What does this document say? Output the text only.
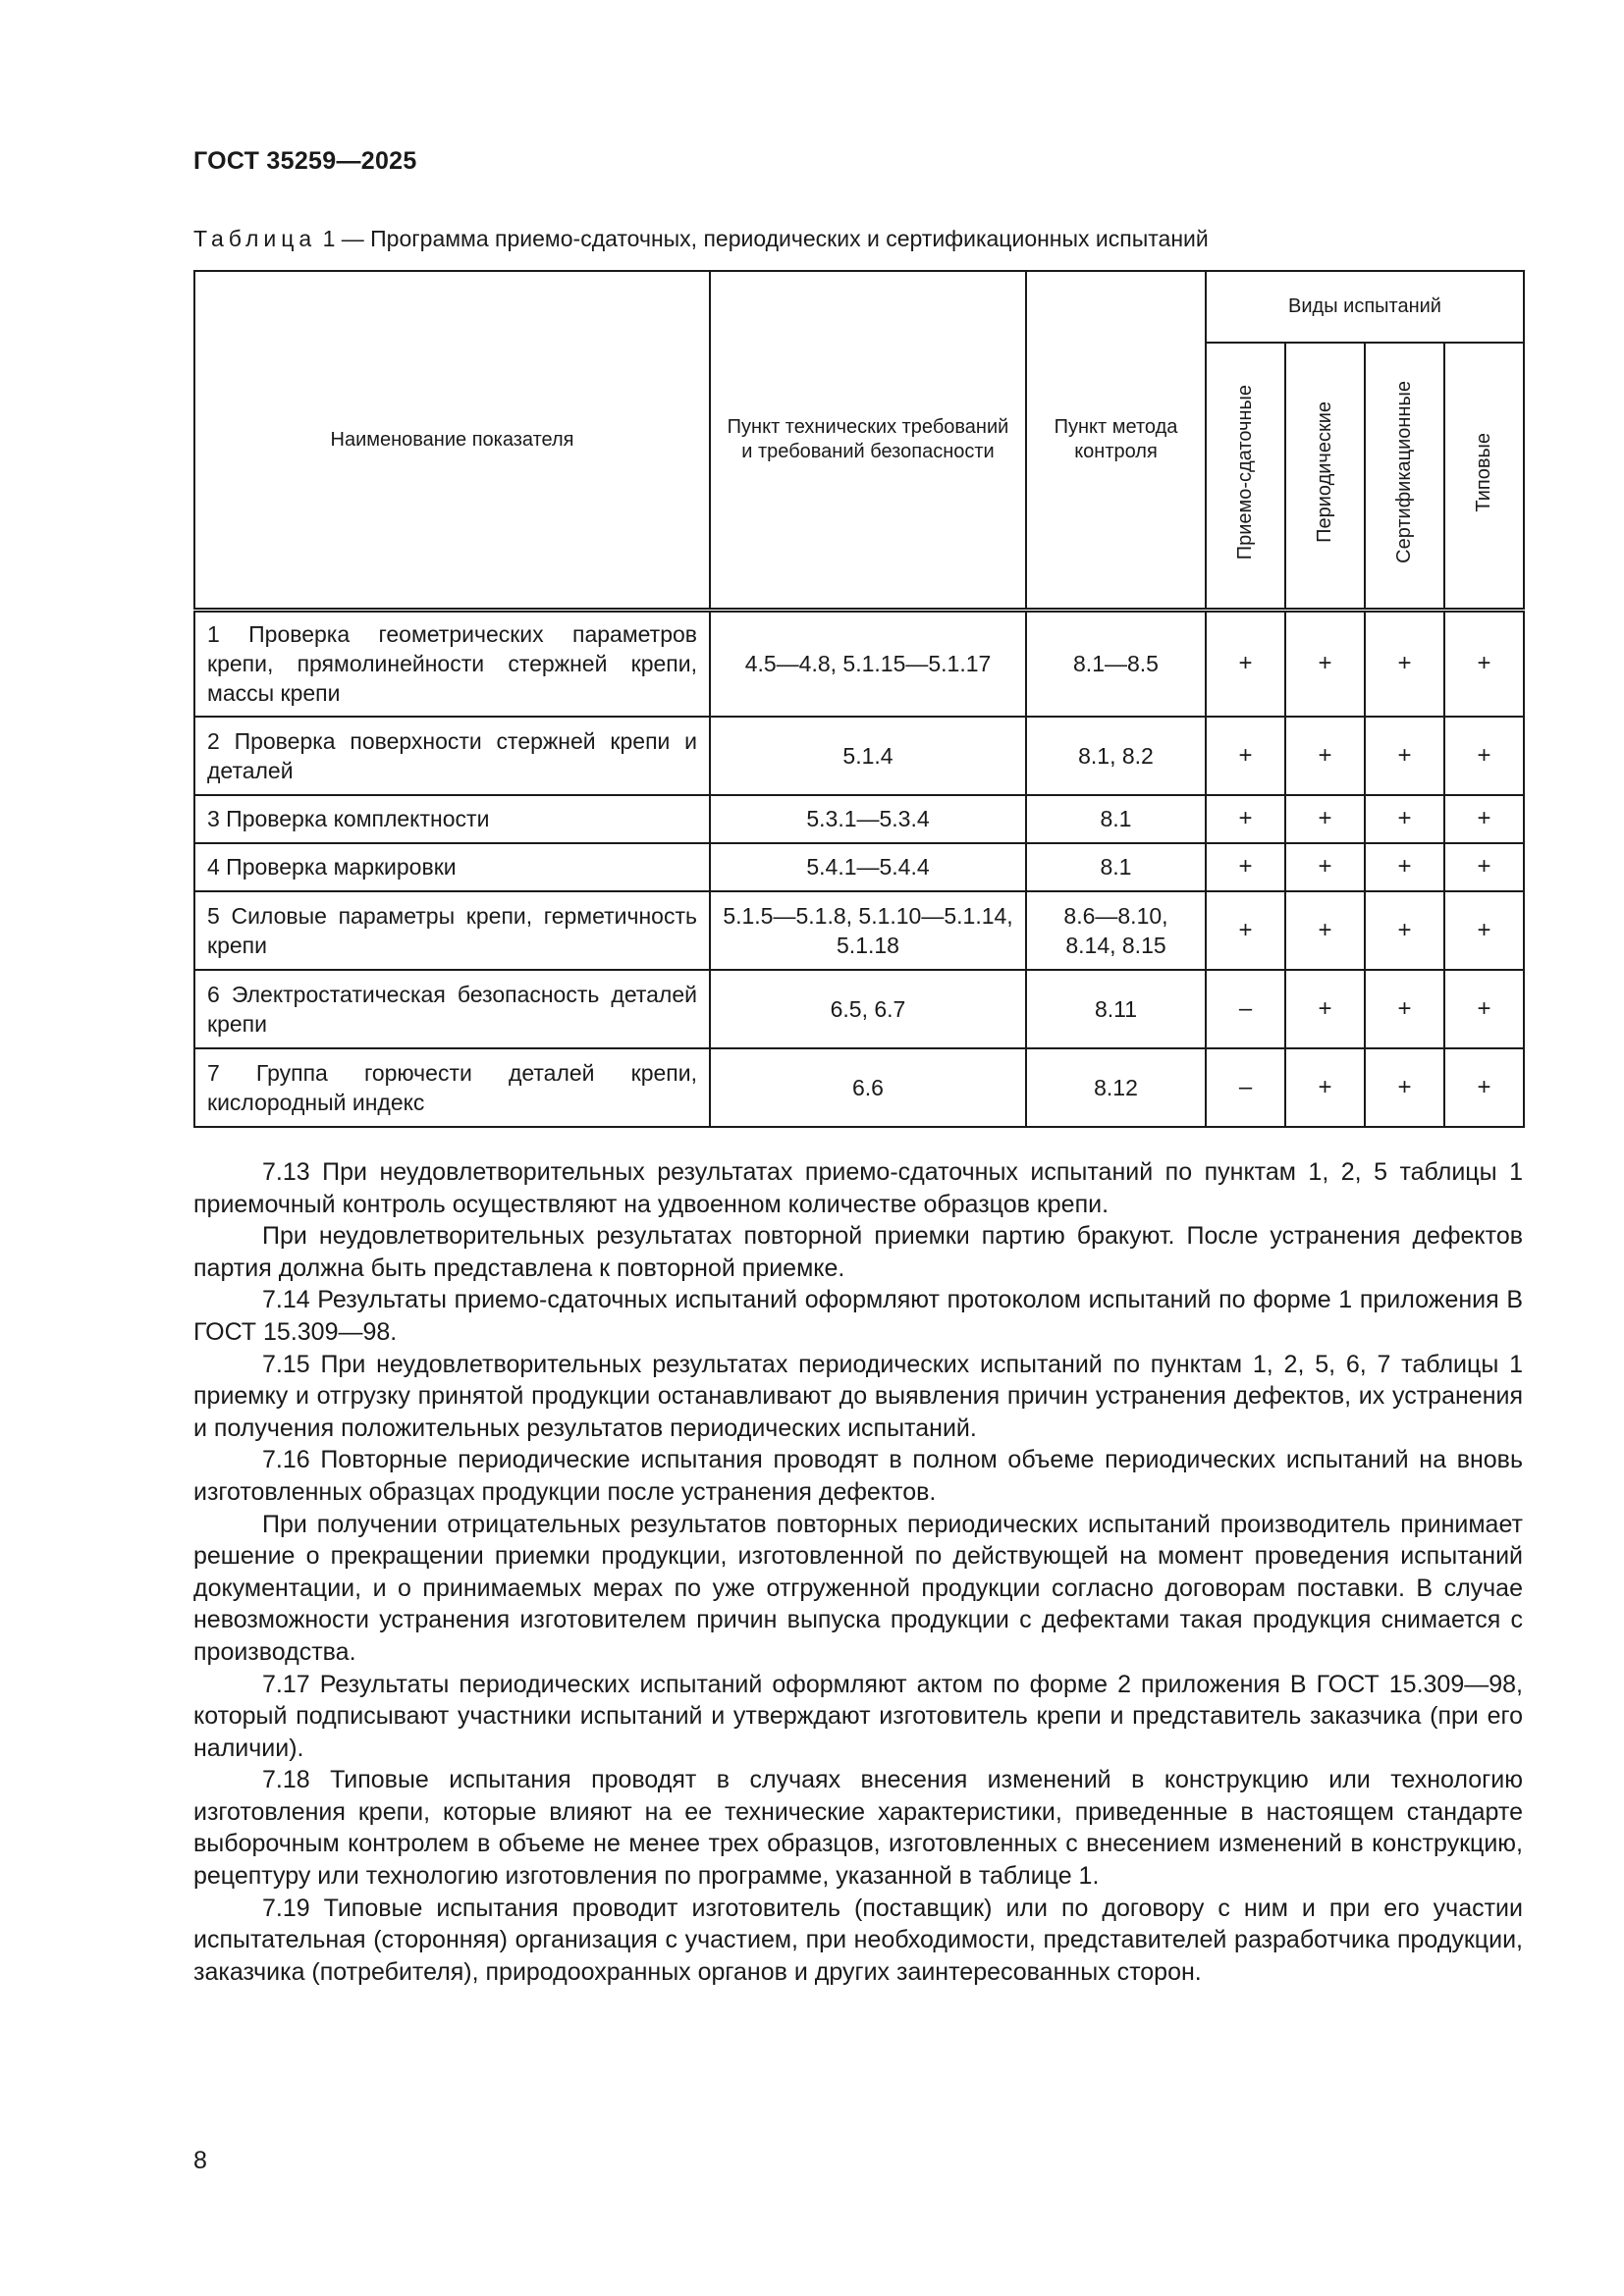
ГОСТ 35259—2025
Таблица 1 — Программа приемо-сдаточных, периодических и сертификационных испытаний
Наименование показателя	Пункт технических требований и требований безопасности	Пункт метода контроля	Виды испытаний			
			Приемо-сдаточные	Периодические	Сертификационные	Типовые
1 Проверка геометрических параметров крепи, прямолинейности стержней крепи, массы крепи	4.5—4.8, 5.1.15—5.1.17	8.1—8.5	+	+	+	+
2 Проверка поверхности стержней крепи и деталей	5.1.4	8.1, 8.2	+	+	+	+
3 Проверка комплектности	5.3.1—5.3.4	8.1	+	+	+	+
4 Проверка маркировки	5.4.1—5.4.4	8.1	+	+	+	+
5 Силовые параметры крепи, герметичность крепи	5.1.5—5.1.8, 5.1.10—5.1.14, 5.1.18	8.6—8.10, 8.14, 8.15	+	+	+	+
6 Электростатическая безопасность деталей крепи	6.5, 6.7	8.11	–	+	+	+
7 Группа горючести деталей крепи, кислородный индекс	6.6	8.12	–	+	+	+

7.13 При неудовлетворительных результатах приемо-сдаточных испытаний по пунктам 1, 2, 5 таблицы 1 приемочный контроль осуществляют на удвоенном количестве образцов крепи.

При неудовлетворительных результатах повторной приемки партию бракуют. После устранения дефектов партия должна быть представлена к повторной приемке.

7.14 Результаты приемо-сдаточных испытаний оформляют протоколом испытаний по форме 1 приложения В ГОСТ 15.309—98.

7.15 При неудовлетворительных результатах периодических испытаний по пунктам 1, 2, 5, 6, 7 таблицы 1 приемку и отгрузку принятой продукции останавливают до выявления причин устранения дефектов, их устранения и получения положительных результатов периодических испытаний.

7.16 Повторные периодические испытания проводят в полном объеме периодических испытаний на вновь изготовленных образцах продукции после устранения дефектов.

При получении отрицательных результатов повторных периодических испытаний производитель принимает решение о прекращении приемки продукции, изготовленной по действующей на момент проведения испытаний документации, и о принимаемых мерах по уже отгруженной продукции согласно договорам поставки. В случае невозможности устранения изготовителем причин выпуска продукции с дефектами такая продукция снимается с производства.

7.17 Результаты периодических испытаний оформляют актом по форме 2 приложения В ГОСТ 15.309—98, который подписывают участники испытаний и утверждают изготовитель крепи и представитель заказчика (при его наличии).

7.18 Типовые испытания проводят в случаях внесения изменений в конструкцию или технологию изготовления крепи, которые влияют на ее технические характеристики, приведенные в настоящем стандарте выборочным контролем в объеме не менее трех образцов, изготовленных с внесением изменений в конструкцию, рецептуру или технологию изготовления по программе, указанной в таблице 1.

7.19 Типовые испытания проводит изготовитель (поставщик) или по договору с ним и при его участии испытательная (сторонняя) организация с участием, при необходимости, представителей разработчика продукции, заказчика (потребителя), природоохранных органов и других заинтересованных сторон.

8
